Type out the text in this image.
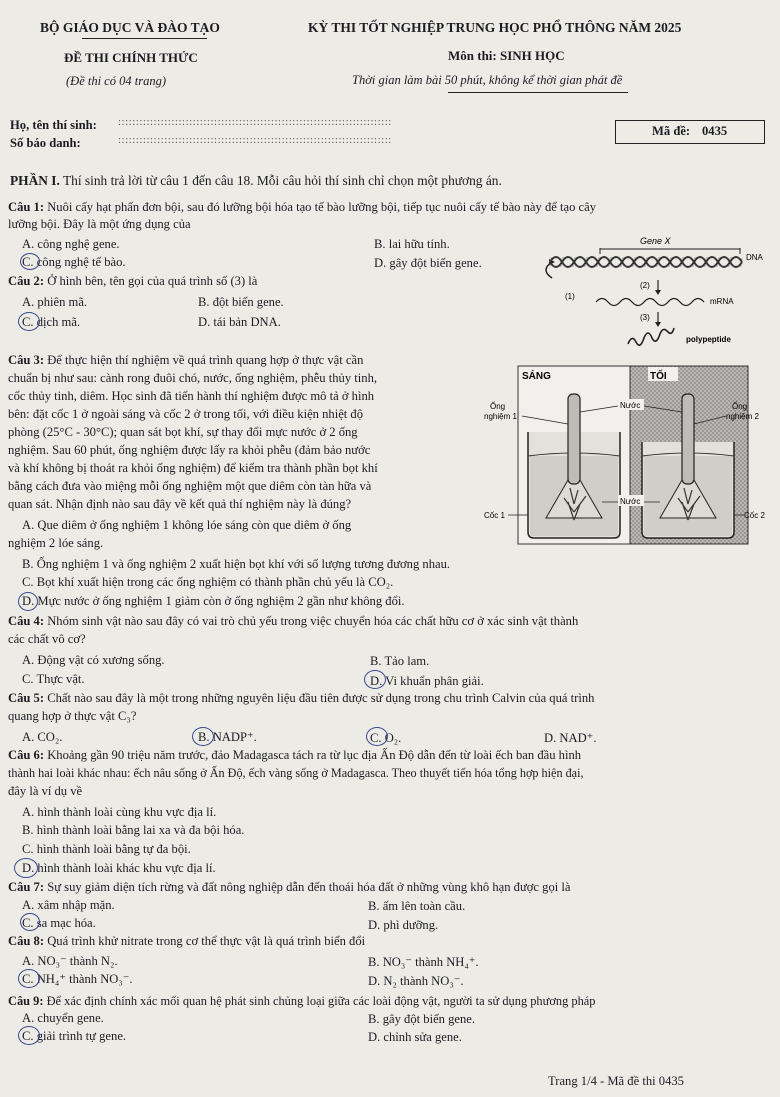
BỘ GIÁO DỤC VÀ ĐÀO TẠO
ĐỀ THI CHÍNH THỨC
(Đề thi có 04 trang)
KỲ THI TỐT NGHIỆP TRUNG HỌC PHỔ THÔNG NĂM 2025
Môn thi: SINH HỌC
Thời gian làm bài 50 phút, không kể thời gian phát đề
Họ, tên thí sinh: :::::::::::::::::::::::::::::::::::::::::::::::::::::::::::::::::::::::::::::
Số báo danh:	:::::::::::::::::::::::::::::::::::::::::::::::::::::::::::::::::::::::::::::
Mã đề: 0435
PHẦN I. Thí sinh trả lời từ câu 1 đến câu 18. Mỗi câu hỏi thí sinh chỉ chọn một phương án.
Câu 1: Nuôi cấy hạt phấn đơn bội, sau đó lưỡng bội hóa tạo tế bào lưỡng bội, tiếp tục nuôi cấy tế bào này để tạo cây
lưỡng bội. Đây là một ứng dụng của
A. công nghệ gene.	B. lai hữu tính.
C. công nghệ tế bào.	D. gây đột biến gene.
Câu 2: Ở hình bên, tên gọi của quá trình số (3) là
A. phiên mã.	B. đột biến gene.
C. dịch mã.	D. tái bản DNA.
Gene X
DNA
(1)
(2)
mRNA
(3)
polypeptide
Câu 3: Để thực hiện thí nghiệm về quá trình quang hợp ở thực vật cần
chuẩn bị như sau: cành rong đuôi chó, nước, ống nghiệm, phễu thủy tinh,
cốc thủy tinh, diêm. Học sinh đã tiến hành thí nghiệm được mô tả ở hình
bên: đặt cốc 1 ở ngoài sáng và cốc 2 ở trong tối, với điều kiện nhiệt độ
phòng (25°C - 30°C); quan sát bọt khí, sự thay đổi mực nước ở 2 ống
nghiệm. Sau 60 phút, ống nghiệm được lấy ra khỏi phễu (đảm bảo nước
và khí không bị thoát ra khỏi ống nghiệm) để kiểm tra thành phần bọt khí
bằng cách đưa vào miệng mỗi ống nghiệm một que diêm còn tàn hữa và
quan sát. Nhận định nào sau đây về kết quả thí nghiệm này là đúng?
A. Que diêm ở ống nghiệm 1 không lóe sáng còn que diêm ở ống
nghiệm 2 lóe sáng.
B. Ống nghiệm 1 và ống nghiệm 2 xuất hiện bọt khí với số lượng tương đương nhau.
C. Bọt khí xuất hiện trong các ống nghiệm có thành phần chủ yếu là CO₂.
D. Mực nước ở ống nghiệm 1 giảm còn ở ống nghiệm 2 gần như không đổi.
SÁNG	TỐI
Ống
nghiệm 1
Ống
nghiệm 2
Nước
Nước
Cốc 1	Cốc 2
Câu 4: Nhóm sinh vật nào sau đây có vai trò chủ yếu trong việc chuyển hóa các chất hữu cơ ở xác sinh vật thành
các chất vô cơ?
A. Động vật có xương sống.	B. Tảo lam.
C. Thực vật.	D. Vi khuẩn phân giải.
Câu 5: Chất nào sau đây là một trong những nguyên liệu đầu tiên được sử dụng trong chu trình Calvin của quá trình
quang hợp ở thực vật C₃?
A. CO₂.	B. NADP⁺.	C. O₂.	D. NAD⁺.
Câu 6: Khoảng gần 90 triệu năm trước, đảo Madagasca tách ra từ lục địa Ấn Độ dẫn đến từ loài ếch ban đầu hình
thành hai loài khác nhau: ếch nâu sống ở Ấn Độ, ếch vàng sống ở Madagasca. Theo thuyết tiến hóa tổng hợp hiện đại,
đây là ví dụ về
A. hình thành loài cùng khu vực địa lí.
B. hình thành loài bằng lai xa và đa bội hóa.
C. hình thành loài bằng tự đa bội.
D. hình thành loài khác khu vực địa lí.
Câu 7: Sự suy giảm diện tích rừng và đất nông nghiệp dẫn đến thoái hóa đất ở những vùng khô hạn được gọi là
A. xâm nhập mặn.	B. ấm lên toàn cầu.
C. sa mạc hóa.	D. phì dưỡng.
Câu 8: Quá trình khử nitrate trong cơ thể thực vật là quá trình biến đổi
A. NO₃⁻ thành N₂.	B. NO₃⁻ thành NH₄⁺.
C. NH₄⁺ thành NO₃⁻.	D. N₂ thành NO₃⁻.
Câu 9: Để xác định chính xác mối quan hệ phát sinh chủng loại giữa các loài động vật, người ta sử dụng phương pháp
A. chuyển gene.	B. gây đột biến gene.
C. giải trình tự gene.	D. chỉnh sửa gene.
Trang 1/4 - Mã đề thi 0435
